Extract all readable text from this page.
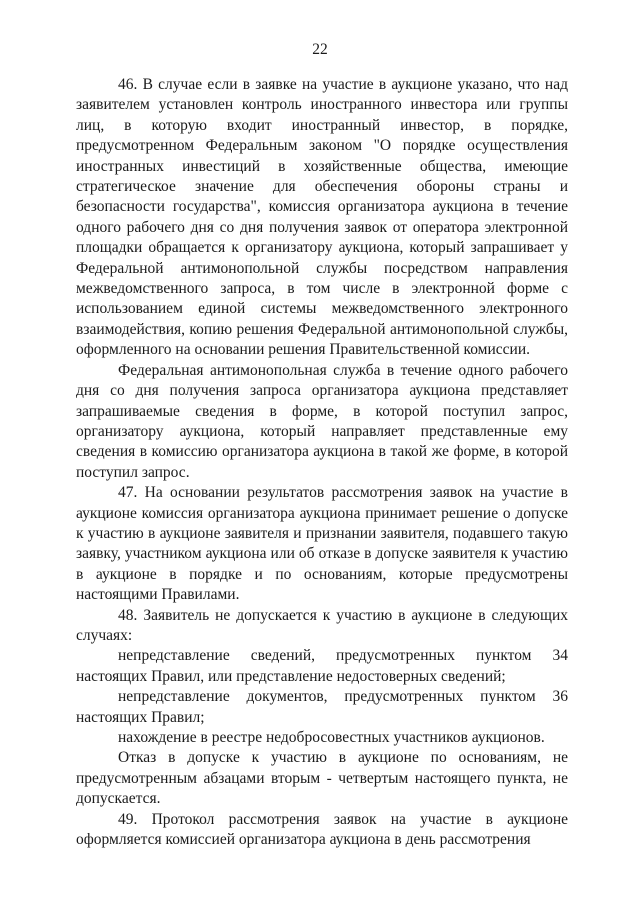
22

46. В случае если в заявке на участие в аукционе указано, что над заявителем установлен контроль иностранного инвестора или группы лиц, в которую входит иностранный инвестор, в порядке, предусмотренном Федеральным законом "О порядке осуществления иностранных инвестиций в хозяйственные общества, имеющие стратегическое значение для обеспечения обороны страны и безопасности государства", комиссия организатора аукциона в течение одного рабочего дня со дня получения заявок от оператора электронной площадки обращается к организатору аукциона, который запрашивает у Федеральной антимонопольной службы посредством направления межведомственного запроса, в том числе в электронной форме с использованием единой системы межведомственного электронного взаимодействия, копию решения Федеральной антимонопольной службы, оформленного на основании решения Правительственной комиссии.

Федеральная антимонопольная служба в течение одного рабочего дня со дня получения запроса организатора аукциона представляет запрашиваемые сведения в форме, в которой поступил запрос, организатору аукциона, который направляет представленные ему сведения в комиссию организатора аукциона в такой же форме, в которой поступил запрос.

47. На основании результатов рассмотрения заявок на участие в аукционе комиссия организатора аукциона принимает решение о допуске к участию в аукционе заявителя и признании заявителя, подавшего такую заявку, участником аукциона или об отказе в допуске заявителя к участию в аукционе в порядке и по основаниям, которые предусмотрены настоящими Правилами.

48. Заявитель не допускается к участию в аукционе в следующих случаях:

непредставление сведений, предусмотренных пунктом 34 настоящих Правил, или представление недостоверных сведений;

непредставление документов, предусмотренных пунктом 36 настоящих Правил;

нахождение в реестре недобросовестных участников аукционов.

Отказ в допуске к участию в аукционе по основаниям, не предусмотренным абзацами вторым - четвертым настоящего пункта, не допускается.

49. Протокол рассмотрения заявок на участие в аукционе оформляется комиссией организатора аукциона в день рассмотрения
